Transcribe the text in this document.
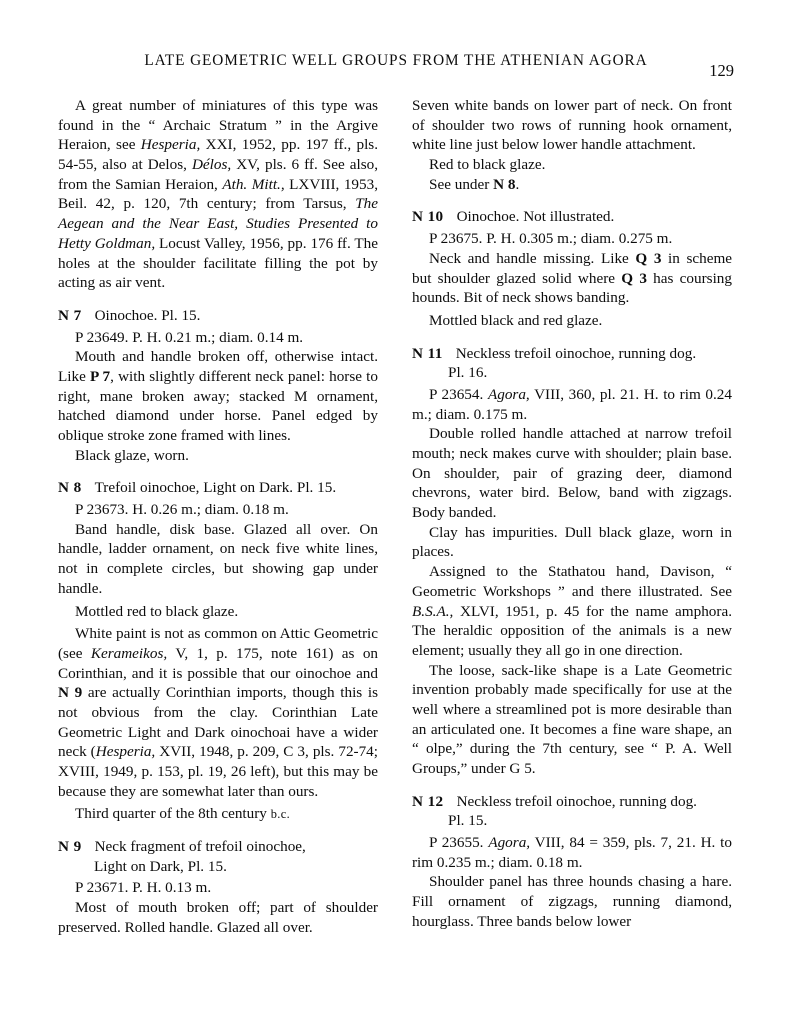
LATE GEOMETRIC WELL GROUPS FROM THE ATHENIAN AGORA
129

A great number of miniatures of this type was found in the “ Archaic Stratum ” in the Argive Heraion, see Hesperia, XXI, 1952, pp. 197 ff., pls. 54-55, also at Delos, Délos, XV, pls. 6 ff. See also, from the Samian Heraion, Ath. Mitt., LXVIII, 1953, Beil. 42, p. 120, 7th century; from Tarsus, The Aegean and the Near East, Studies Presented to Hetty Goldman, Locust Valley, 1956, pp. 176 ff. The holes at the shoulder facilitate filling the pot by acting as air vent.

N 7 Oinochoe. Pl. 15.

P 23649. P. H. 0.21 m.; diam. 0.14 m.

Mouth and handle broken off, otherwise intact. Like P 7, with slightly different neck panel: horse to right, mane broken away; stacked M ornament, hatched diamond under horse. Panel edged by oblique stroke zone framed with lines.

Black glaze, worn.

N 8 Trefoil oinochoe, Light on Dark. Pl. 15.

P 23673. H. 0.26 m.; diam. 0.18 m.

Band handle, disk base. Glazed all over. On handle, ladder ornament, on neck five white lines, not in complete circles, but showing gap under handle.

Mottled red to black glaze.

White paint is not as common on Attic Geometric (see Kerameikos, V, 1, p. 175, note 161) as on Corinthian, and it is possible that our oinochoe and N 9 are actually Corinthian imports, though this is not obvious from the clay. Corinthian Late Geometric Light and Dark oinochoai have a wider neck (Hesperia, XVII, 1948, p. 209, C 3, pls. 72-74; XVIII, 1949, p. 153, pl. 19, 26 left), but this may be because they are somewhat later than ours.

Third quarter of the 8th century b.c.

N 9 Neck fragment of trefoil oinochoe,
Light on Dark, Pl. 15.

P 23671. P. H. 0.13 m.

Most of mouth broken off; part of shoulder preserved. Rolled handle. Glazed all over.

Seven white bands on lower part of neck. On front of shoulder two rows of running hook ornament, white line just below lower handle attachment.

Red to black glaze.

See under N 8.

N 10 Oinochoe. Not illustrated.

P 23675. P. H. 0.305 m.; diam. 0.275 m.

Neck and handle missing. Like Q 3 in scheme but shoulder glazed solid where Q 3 has coursing hounds. Bit of neck shows banding.

Mottled black and red glaze.

N 11 Neckless trefoil oinochoe, running dog.
Pl. 16.

P 23654. Agora, VIII, 360, pl. 21. H. to rim 0.24 m.; diam. 0.175 m.

Double rolled handle attached at narrow trefoil mouth; neck makes curve with shoulder; plain base. On shoulder, pair of grazing deer, diamond chevrons, water bird. Below, band with zigzags. Body banded.

Clay has impurities. Dull black glaze, worn in places.

Assigned to the Stathatou hand, Davison, “ Geometric Workshops ” and there illustrated. See B.S.A., XLVI, 1951, p. 45 for the name amphora. The heraldic opposition of the animals is a new element; usually they all go in one direction.

The loose, sack-like shape is a Late Geometric invention probably made specifically for use at the well where a streamlined pot is more desirable than an articulated one. It becomes a fine ware shape, an “ olpe,” during the 7th century, see “ P. A. Well Groups,” under G 5.

N 12 Neckless trefoil oinochoe, running dog.
Pl. 15.

P 23655. Agora, VIII, 84 = 359, pls. 7, 21. H. to rim 0.235 m.; diam. 0.18 m.

Shoulder panel has three hounds chasing a hare. Fill ornament of zigzags, running diamond, hourglass. Three bands below lower
